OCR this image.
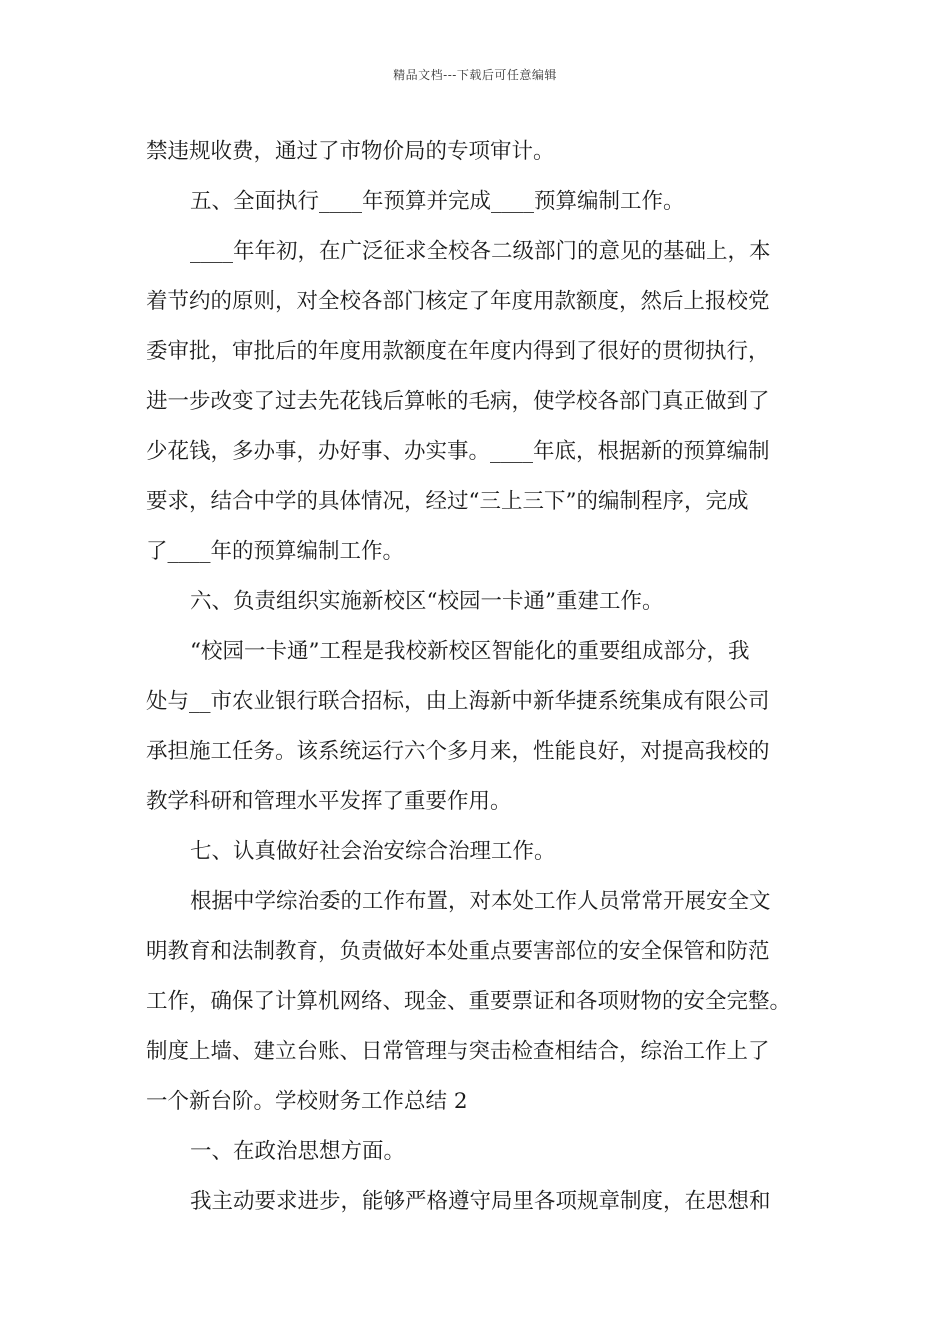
精品文档---下载后可任意编辑
禁违规收费，通过了市物价局的专项审计。
五、全面执行____年预算并完成____预算编制工作。
____年年初，在广泛征求全校各二级部门的意见的基础上，本
着节约的原则，对全校各部门核定了年度用款额度，然后上报校党
委审批，审批后的年度用款额度在年度内得到了很好的贯彻执行，
进一步改变了过去先花钱后算帐的毛病，使学校各部门真正做到了
少花钱，多办事，办好事、办实事。____年底，根据新的预算编制
要求，结合中学的具体情况，经过“三上三下”的编制程序，完成
了____年的预算编制工作。
六、负责组织实施新校区“校园一卡通”重建工作。
“校园一卡通”工程是我校新校区智能化的重要组成部分，我
处与__市农业银行联合招标，由上海新中新华捷系统集成有限公司
承担施工任务。该系统运行六个多月来，性能良好，对提高我校的
教学科研和管理水平发挥了重要作用。
七、认真做好社会治安综合治理工作。
根据中学综治委的工作布置，对本处工作人员常常开展安全文
明教育和法制教育，负责做好本处重点要害部位的安全保管和防范
工作，确保了计算机网络、现金、重要票证和各项财物的安全完整。
制度上墙、建立台账、日常管理与突击检查相结合，综治工作上了
一个新台阶。学校财务工作总结 2
一、在政治思想方面。
我主动要求进步，能够严格遵守局里各项规章制度，在思想和
